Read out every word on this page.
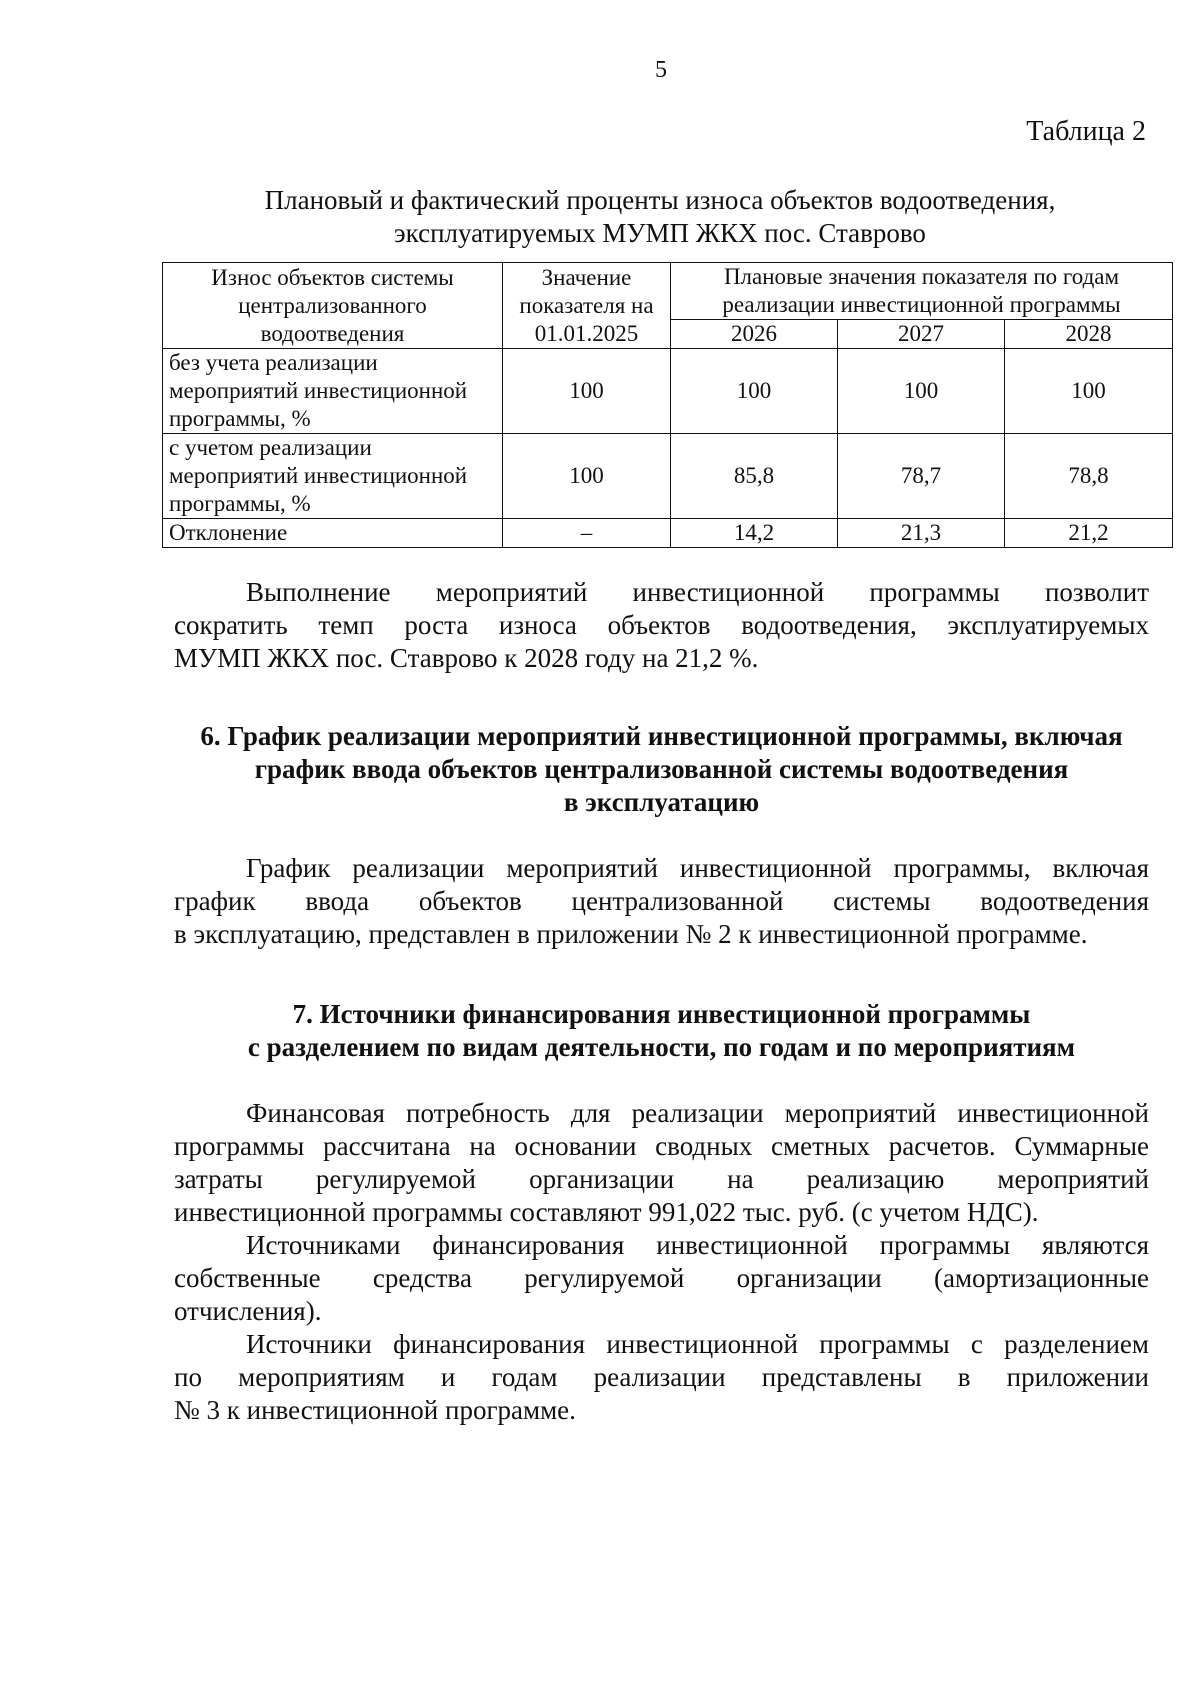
5
Таблица 2
Плановый и фактический проценты износа объектов водоотведения,
эксплуатируемых МУМП ЖКХ пос. Ставрово
Износ объектов системы централизованного водоотведения	Значение показателя на 01.01.2025	Плановые значения показателя по годам реализации инвестиционной программы		
		2026	2027	2028
без учета реализации мероприятий инвестиционной программы, %	100	100	100	100
с учетом реализации мероприятий инвестиционной программы, %	100	85,8	78,7	78,8
Отклонение	–	14,2	21,3	21,2
Выполнение мероприятий инвестиционной программы позволит
сократить темп роста износа объектов водоотведения, эксплуатируемых
МУМП ЖКХ пос. Ставрово к 2028 году на 21,2 %.
6. График реализации мероприятий инвестиционной программы, включая
график ввода объектов централизованной системы водоотведения
в эксплуатацию
График реализации мероприятий инвестиционной программы, включая
график ввода объектов централизованной системы водоотведения
в эксплуатацию, представлен в приложении № 2 к инвестиционной программе.
7. Источники финансирования инвестиционной программы
с разделением по видам деятельности, по годам и по мероприятиям
Финансовая потребность для реализации мероприятий инвестиционной
программы рассчитана на основании сводных сметных расчетов. Суммарные
затраты регулируемой организации на реализацию мероприятий
инвестиционной программы составляют 991,022 тыс. руб. (с учетом НДС).
Источниками финансирования инвестиционной программы являются
собственные средства регулируемой организации (амортизационные
отчисления).
Источники финансирования инвестиционной программы с разделением
по мероприятиям и годам реализации представлены в приложении
№ 3 к инвестиционной программе.
